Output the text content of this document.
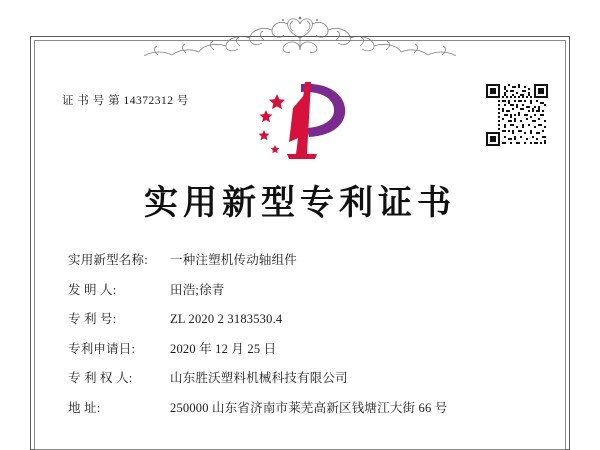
证 书 号 第 14372312 号
实用新型专利证书
实用新型名称:	一种注塑机传动轴组件
发 明 人:	田浩;徐青
专 利 号:	ZL 2020 2 3183530.4
专利申请日:	2020 年 12 月 25 日
专 利 权 人:	山东胜沃塑料机械科技有限公司
地 址:	250000 山东省济南市莱芜高新区钱塘江大街 66 号
